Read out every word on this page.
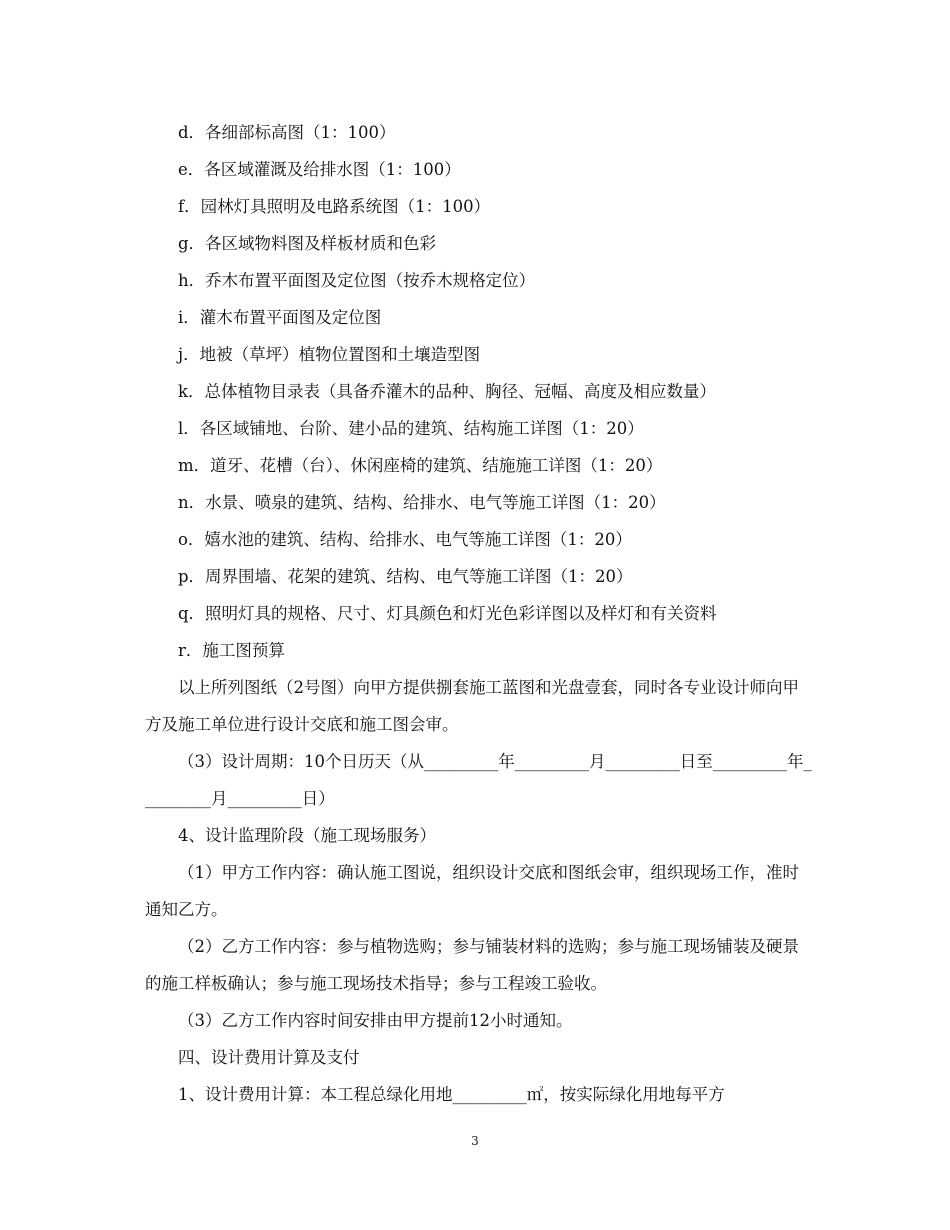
d．各细部标高图（1：100）

e．各区域灌溉及给排水图（1：100）

f．园林灯具照明及电路系统图（1：100）

g．各区域物料图及样板材质和色彩

h．乔木布置平面图及定位图（按乔木规格定位）

i．灌木布置平面图及定位图

j．地被（草坪）植物位置图和土壤造型图

k．总体植物目录表（具备乔灌木的品种、胸径、冠幅、高度及相应数量）

l．各区域铺地、台阶、建小品的建筑、结构施工详图（1：20）

m．道牙、花槽（台）、休闲座椅的建筑、结施施工详图（1：20）

n．水景、喷泉的建筑、结构、给排水、电气等施工详图（1：20）

o．嬉水池的建筑、结构、给排水、电气等施工详图（1：20）

p．周界围墙、花架的建筑、结构、电气等施工详图（1：20）

q．照明灯具的规格、尺寸、灯具颜色和灯光色彩详图以及样灯和有关资料

r．施工图预算

以上所列图纸（2号图）向甲方提供捌套施工蓝图和光盘壹套，同时各专业设计师向甲方及施工单位进行设计交底和施工图会审。

（3）设计周期：10个日历天（从_________年_________月_________日至_________年_________月_________日）

4、设计监理阶段（施工现场服务）

（1）甲方工作内容：确认施工图说，组织设计交底和图纸会审，组织现场工作，准时通知乙方。

（2）乙方工作内容：参与植物选购；参与铺装材料的选购；参与施工现场铺装及硬景的施工样板确认；参与施工现场技术指导；参与工程竣工验收。

（3）乙方工作内容时间安排由甲方提前12小时通知。

四、设计费用计算及支付

1、设计费用计算：本工程总绿化用地_________㎡，按实际绿化用地每平方

3
